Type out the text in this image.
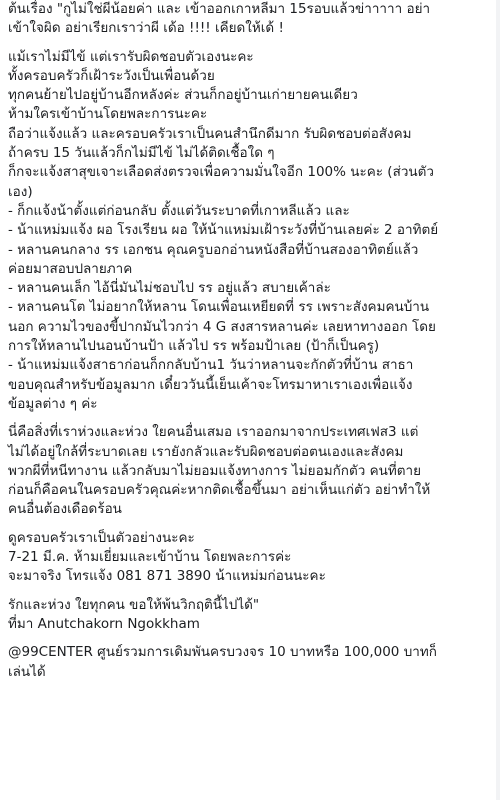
ต้นเรื่อง "กูไม่ใช่ผีน้อยค่า และ เข้าออกเกาหลีมา 15รอบแล้วข่าาาาา อย่า
เข้าใจผิด อย่าเรียกเราว่าผี เด้อ !!!! เคียดให้เด้ !
แม้เราไม่มีไข้ แต่เรารับผิดชอบตัวเองนะคะ
ทั้งครอบครัวก็เฝ้าระวังเป็นเพื่อนด้วย
ทุกคนย้ายไปอยู่บ้านอีกหลังค่ะ ส่วนก็กอยู่บ้านเก่ายายคนเดียว
ห้ามใครเข้าบ้านโดยพละการนะคะ
ถือว่าแจ้งแล้ว และครอบครัวเราเป็นคนสำนึกดีมาก รับผิดชอบต่อสังคม
ถ้าครบ 15 วันแล้วก็กไม่มีไข้ ไม่ได้ติดเชื้อใด ๆ
ก็กจะแจ้งสาสุขเจาะเลือดส่งตรวจเพื่อความมั่นใจอีก 100% นะคะ (ส่วนตัว
เอง)
- ก็กแจ้งน้าตั้งแต่ก่อนกลับ ตั้งแต่วันระบาดที่เกาหลีแล้ว และ
- น้าแหม่มแจ้ง ผอ โรงเรียน ผอ ให้น้าแหม่มเฝ้าระวังที่บ้านเลยค่ะ 2 อาทิตย์
- หลานคนกลาง รร เอกชน คุณครูบอกอ่านหนังสือที่บ้านสองอาทิตย์แล้ว
ค่อยมาสอบปลายภาค
- หลานคนเล็ก ไอ้นี่มันไม่ชอบไป รร อยู่แล้ว สบายเค้าล่ะ
- หลานคนโต ไม่อยากให้หลาน โดนเพื่อนเหยียดที่ รร เพราะสังคมคนบ้าน
นอก ความไวของขี้ปากมันไวกว่า 4 G สงสารหลานค่ะ เลยหาทางออก โดย
การให้หลานไปนอนบ้านป้า แล้วไป รร พร้อมป้าเลย (ป้าก็เป็นครู)
- น้าแหม่มแจ้งสาธาก่อนก็กกลับบ้าน1 วันว่าหลานจะกักตัวที่บ้าน สาธา
ขอบคุณสำหรับข้อมูลมาก เดี๋ยววันนี้เย็นเค้าจะโทรมาหาเราเองเพื่อแจ้ง
ข้อมูลต่าง ๆ ค่ะ
นี่คือสิ่งที่เราห่วงและห่วง ใยคนอื่นเสมอ เราออกมาจากประเทศเฟส3 แต่
ไม่ได้อยู่ใกล้ที่ระบาดเลย เรายังกลัวและรับผิดชอบต่อตนเองและสังคม
พวกผีที่หนีทางาน แล้วกลับมาไม่ยอมแจ้งทางการ ไม่ยอมกักตัว คนที่ตาย
ก่อนก็คือคนในครอบครัวคุณค่ะหากติดเชื้อขึ้นมา อย่าเห็นแก่ตัว อย่าทำให้
คนอื่นต้องเดือดร้อน
ดูครอบครัวเราเป็นตัวอย่างนะคะ
7-21 มี.ค. ห้ามเยี่ยมและเข้าบ้าน โดยพละการค่ะ
จะมาจริง โทรแจ้ง 081 871 3890 น้าแหม่มก่อนนะคะ
รักและห่วง ใยทุกคน ขอให้พ้นวิกฤตินี้ไปได้"
ที่มา Anutchakorn Ngokkham
@99CENTER ศูนย์รวมการเดิมพันครบวงจร 10 บาทหรือ 100,000 บาทก็
เล่นได้
